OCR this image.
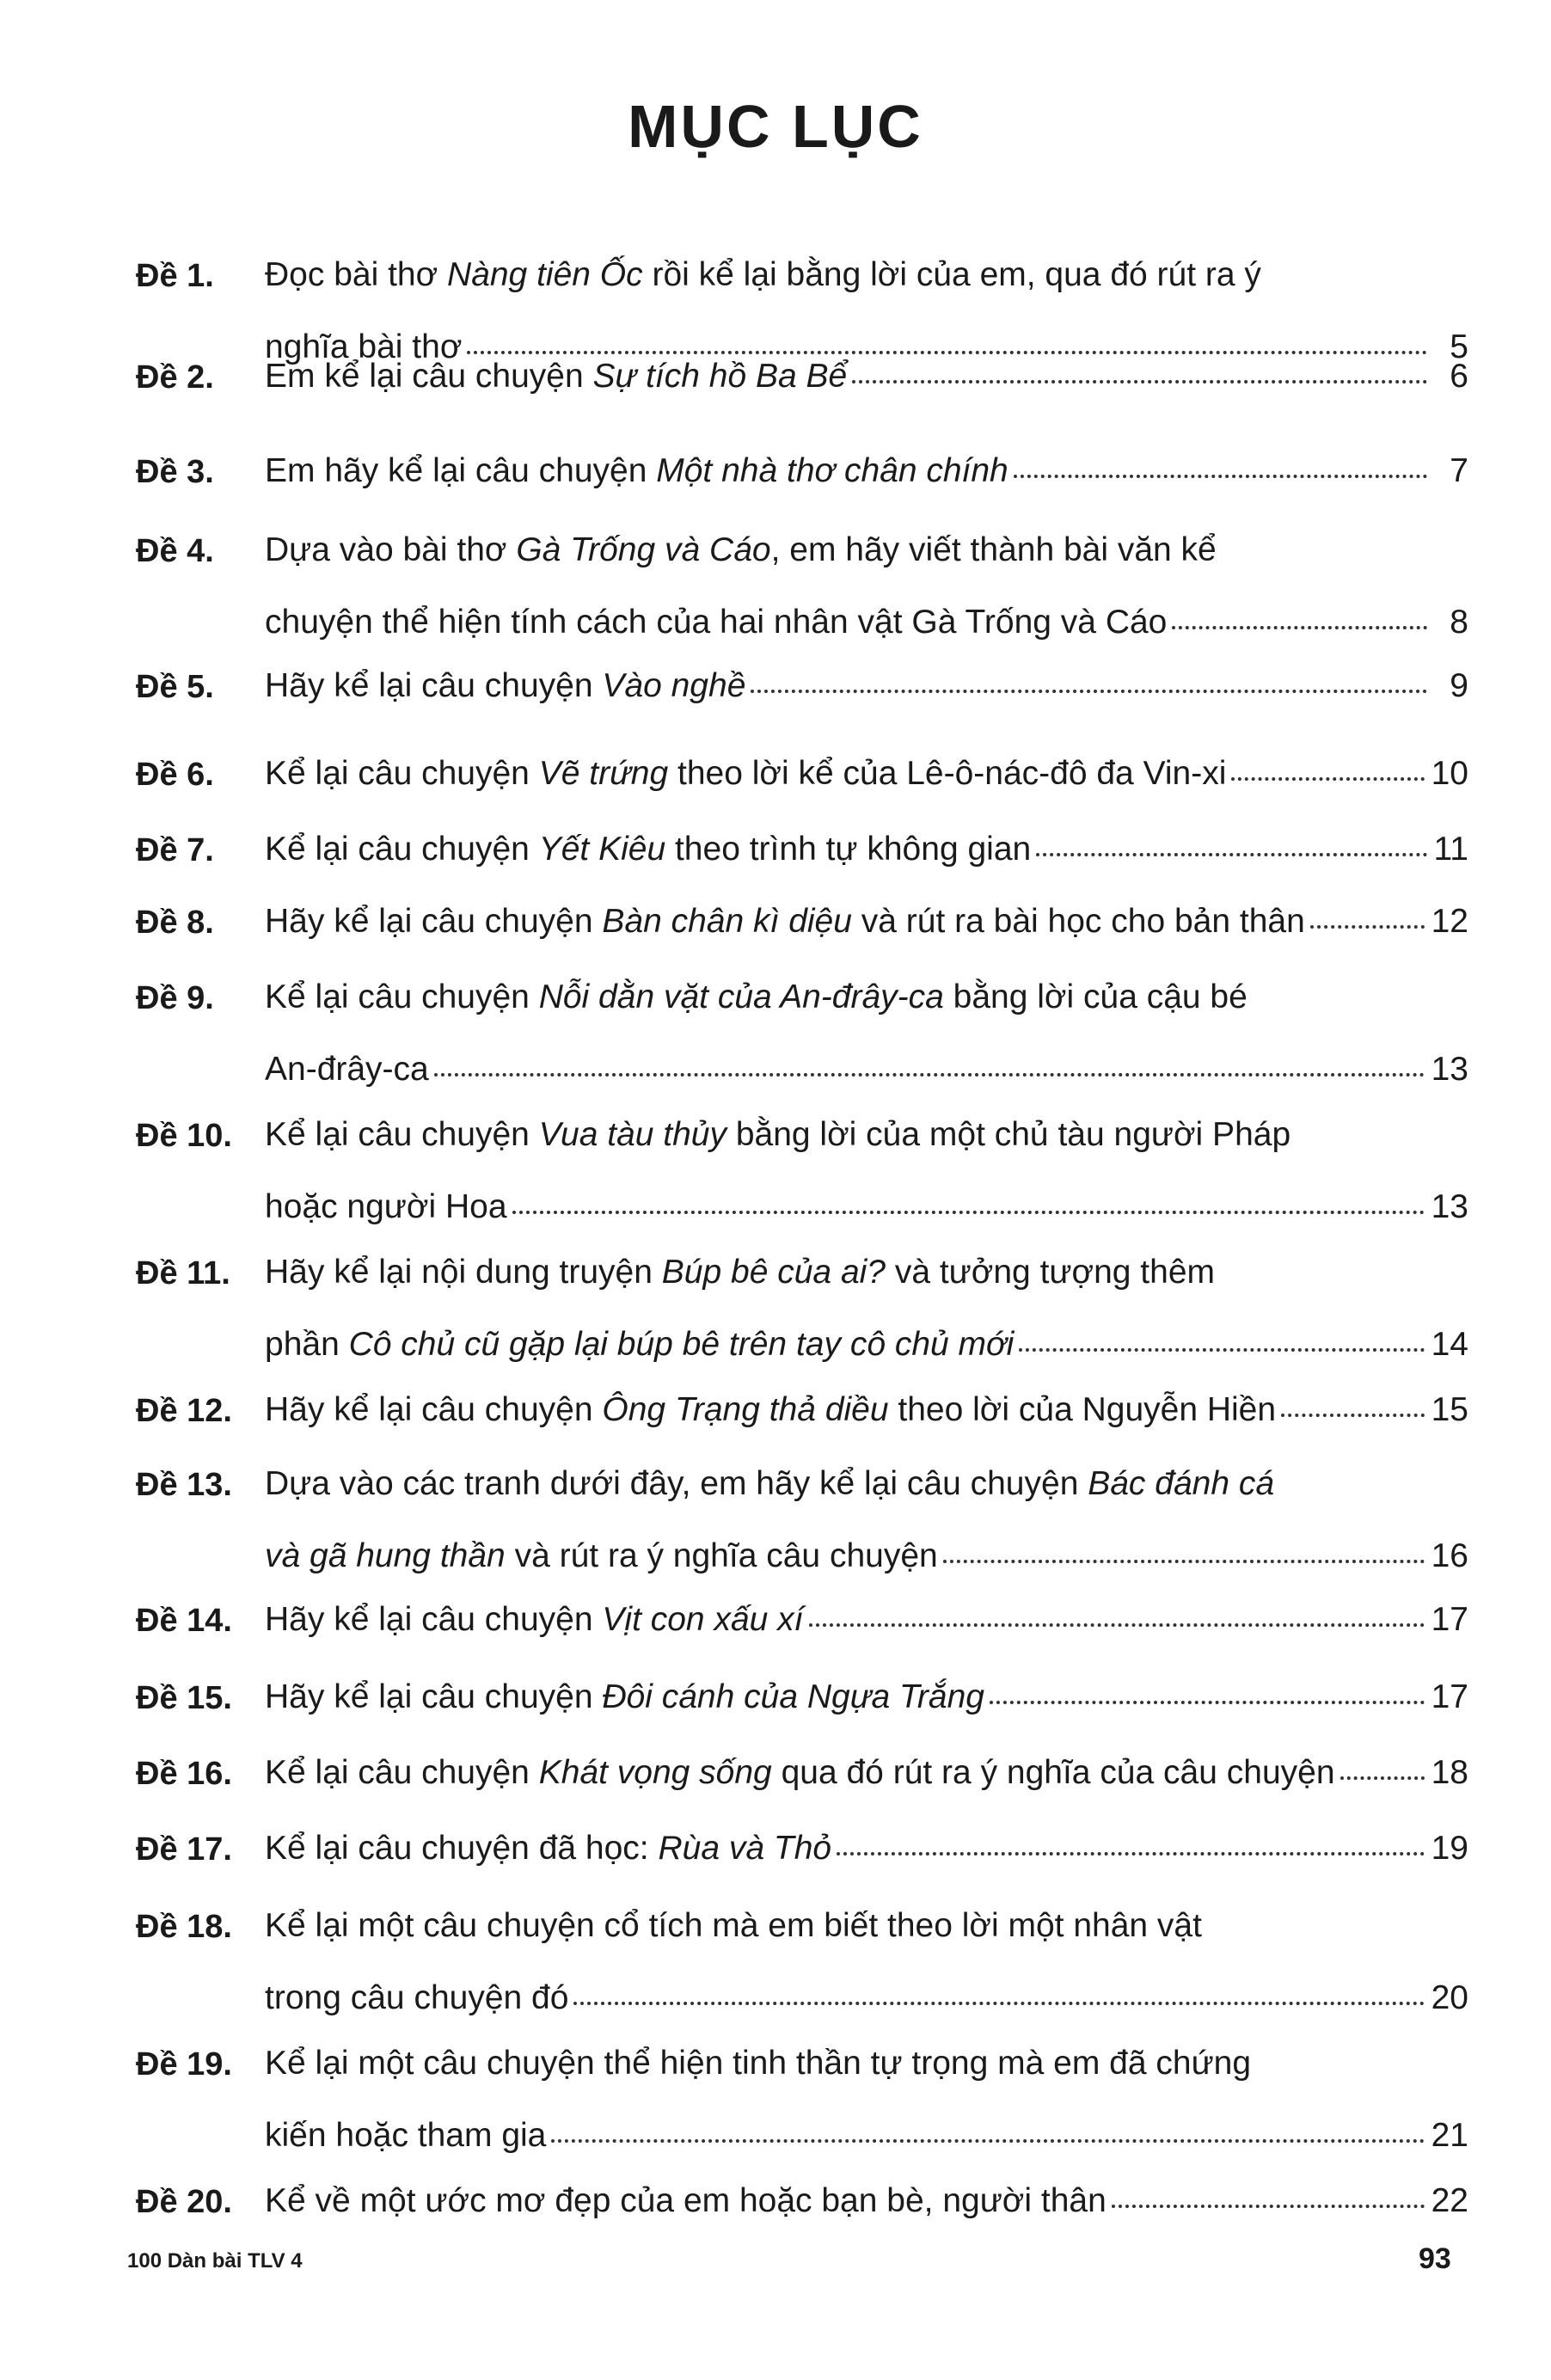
MỤC LỤC
Đề 1. Đọc bài thơ Nàng tiên Ốc rồi kể lại bằng lời của em, qua đó rút ra ý
nghĩa bài thơ	5
Đề 2. Em kể lại câu chuyện Sự tích hồ Ba Bể	6
Đề 3. Em hãy kể lại câu chuyện Một nhà thơ chân chính	7
Đề 4. Dựa vào bài thơ Gà Trống và Cáo, em hãy viết thành bài văn kể
chuyện thể hiện tính cách của hai nhân vật Gà Trống và Cáo	8
Đề 5. Hãy kể lại câu chuyện Vào nghề	9
Đề 6. Kể lại câu chuyện Vẽ trứng theo lời kể của Lê-ô-nác-đô đa Vin-xi	10
Đề 7. Kể lại câu chuyện Yết Kiêu theo trình tự không gian	11
Đề 8. Hãy kể lại câu chuyện Bàn chân kì diệu và rút ra bài học cho bản thân	12
Đề 9. Kể lại câu chuyện Nỗi dằn vặt của An-đrây-ca bằng lời của cậu bé
An-đrây-ca	13
Đề 10. Kể lại câu chuyện Vua tàu thủy bằng lời của một chủ tàu người Pháp
hoặc người Hoa	13
Đề 11. Hãy kể lại nội dung truyện Búp bê của ai? và tưởng tượng thêm
phần Cô chủ cũ gặp lại búp bê trên tay cô chủ mới	14
Đề 12. Hãy kể lại câu chuyện Ông Trạng thả diều theo lời của Nguyễn Hiền	15
Đề 13. Dựa vào các tranh dưới đây, em hãy kể lại câu chuyện Bác đánh cá
và gã hung thần và rút ra ý nghĩa câu chuyện	16
Đề 14. Hãy kể lại câu chuyện Vịt con xấu xí	17
Đề 15. Hãy kể lại câu chuyện Đôi cánh của Ngựa Trắng	17
Đề 16. Kể lại câu chuyện Khát vọng sống qua đó rút ra ý nghĩa của câu chuyện	18
Đề 17. Kể lại câu chuyện đã học: Rùa và Thỏ	19
Đề 18. Kể lại một câu chuyện cổ tích mà em biết theo lời một nhân vật
trong câu chuyện đó	20
Đề 19. Kể lại một câu chuyện thể hiện tinh thần tự trọng mà em đã chứng
kiến hoặc tham gia	21
Đề 20. Kể về một ước mơ đẹp của em hoặc bạn bè, người thân	22
100 Dàn bài TLV 4	93
